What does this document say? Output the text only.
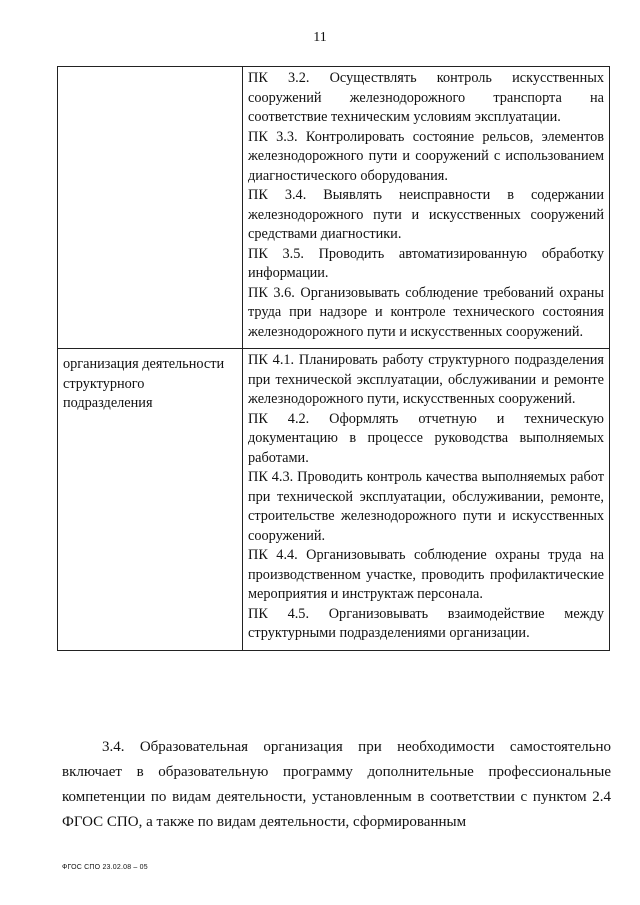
11

	ПК 3.2. Осуществлять контроль искусственных сооружений железнодорожного транспорта на соответствие техническим условиям эксплуатации.

ПК 3.3. Контролировать состояние рельсов, элементов железнодорожного пути и сооружений с использованием диагностического оборудования.

ПК 3.4. Выявлять неисправности в содержании железнодорожного пути и искусственных сооружений средствами диагностики.

ПК 3.5. Проводить автоматизированную обработку информации.

ПК 3.6. Организовывать соблюдение требований охраны труда при надзоре и контроле технического состояния железнодорожного пути и искусственных сооружений.

организация деятельности структурного подразделения	ПК 4.1. Планировать работу структурного подразделения при технической эксплуатации, обслуживании и ремонте железнодорожного пути, искусственных сооружений.

ПК 4.2. Оформлять отчетную и техническую документацию в процессе руководства выполняемых работами.

ПК 4.3. Проводить контроль качества выполняемых работ при технической эксплуатации, обслуживании, ремонте, строительстве железнодорожного пути и искусственных сооружений.

ПК 4.4. Организовывать соблюдение охраны труда на производственном участке, проводить профилактические мероприятия и инструктаж персонала.

ПК 4.5. Организовывать взаимодействие между структурными подразделениями организации.

3.4. Образовательная организация при необходимости самостоятельно включает в образовательную программу дополнительные профессиональные компетенции по видам деятельности, установленным в соответствии с пунктом 2.4 ФГОС СПО, а также по видам деятельности, сформированным

ФГОС СПО 23.02.08 – 05
